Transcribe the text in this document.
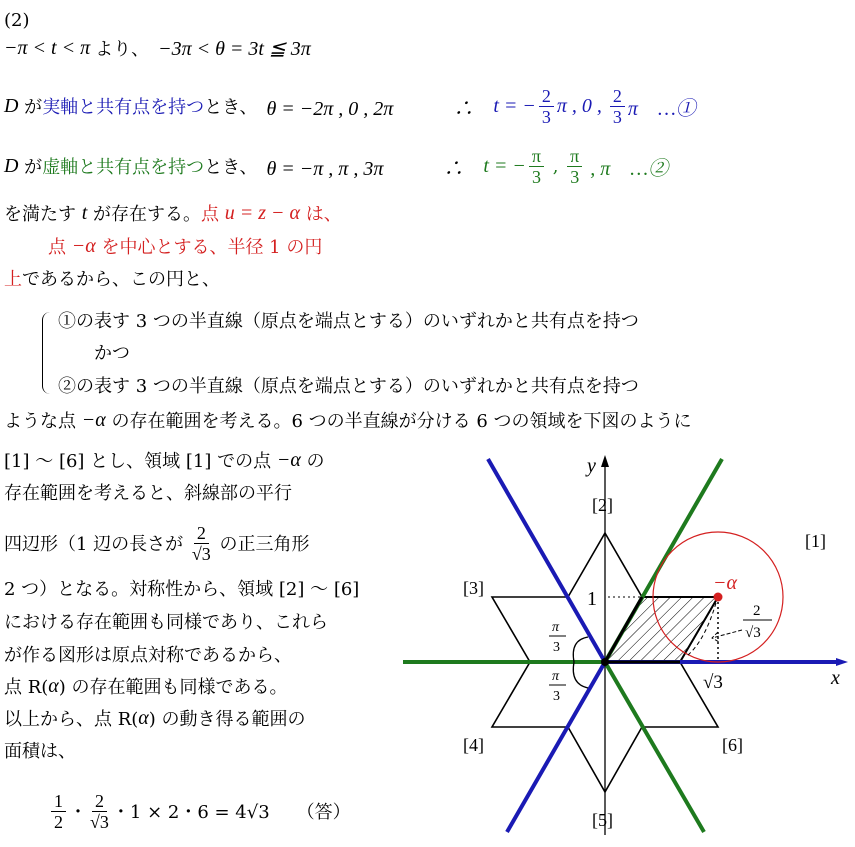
(2)
−π < t < π より、　 −3π < θ = 3t ≦ 3π
D が 実軸と共有点を持つ とき、　 θ = −2π , 0 , 2π　　　∴　 t = − $\frac{2}{3}$ π , 0 , $\frac{2}{3}$ π　…①
D が 虚軸と共有点を持つ とき、　 θ = −π , π , 3π　　　∴　 t = − $\frac{\pi}{3}$ , $\frac{\pi}{3}$ , π　…②
を満たす t が存在する。 点 u = z − α は、
点 −α を中心とする、半径 1 の円
上 であるから、この円と、
①の表す 3 つの半直線（原点を端点とする）のいずれかと共有点を持つ
　　かつ
②の表す 3 つの半直線（原点を端点とする）のいずれかと共有点を持つ
ような点 −α の存在範囲を考える。6 つの半直線が分ける 6 つの領域を下図のように
[1] ～ [6] とし、領域 [1] での点 −α の
存在範囲を考えると、斜線部の平行
四辺形（1 辺の長さが $\frac{2}{√3}$ の正三角形
2 つ）となる。対称性から、領域 [2] ～ [6]
における存在範囲も同様であり、これら
が作る図形は原点対称であるから、
点 R( α ) の存在範囲も同様である。
以上から、点 R( α ) の動き得る範囲の
面積は、
$\frac{1}{2}$ ・ $\frac{2}{√3}$ ・1 × 2・6 = 4√3　　（答）
y
x
[1]
[2]
[3]
[4]
[5]
[6]
1
√3
−α
2
√3
π
3
π
3
